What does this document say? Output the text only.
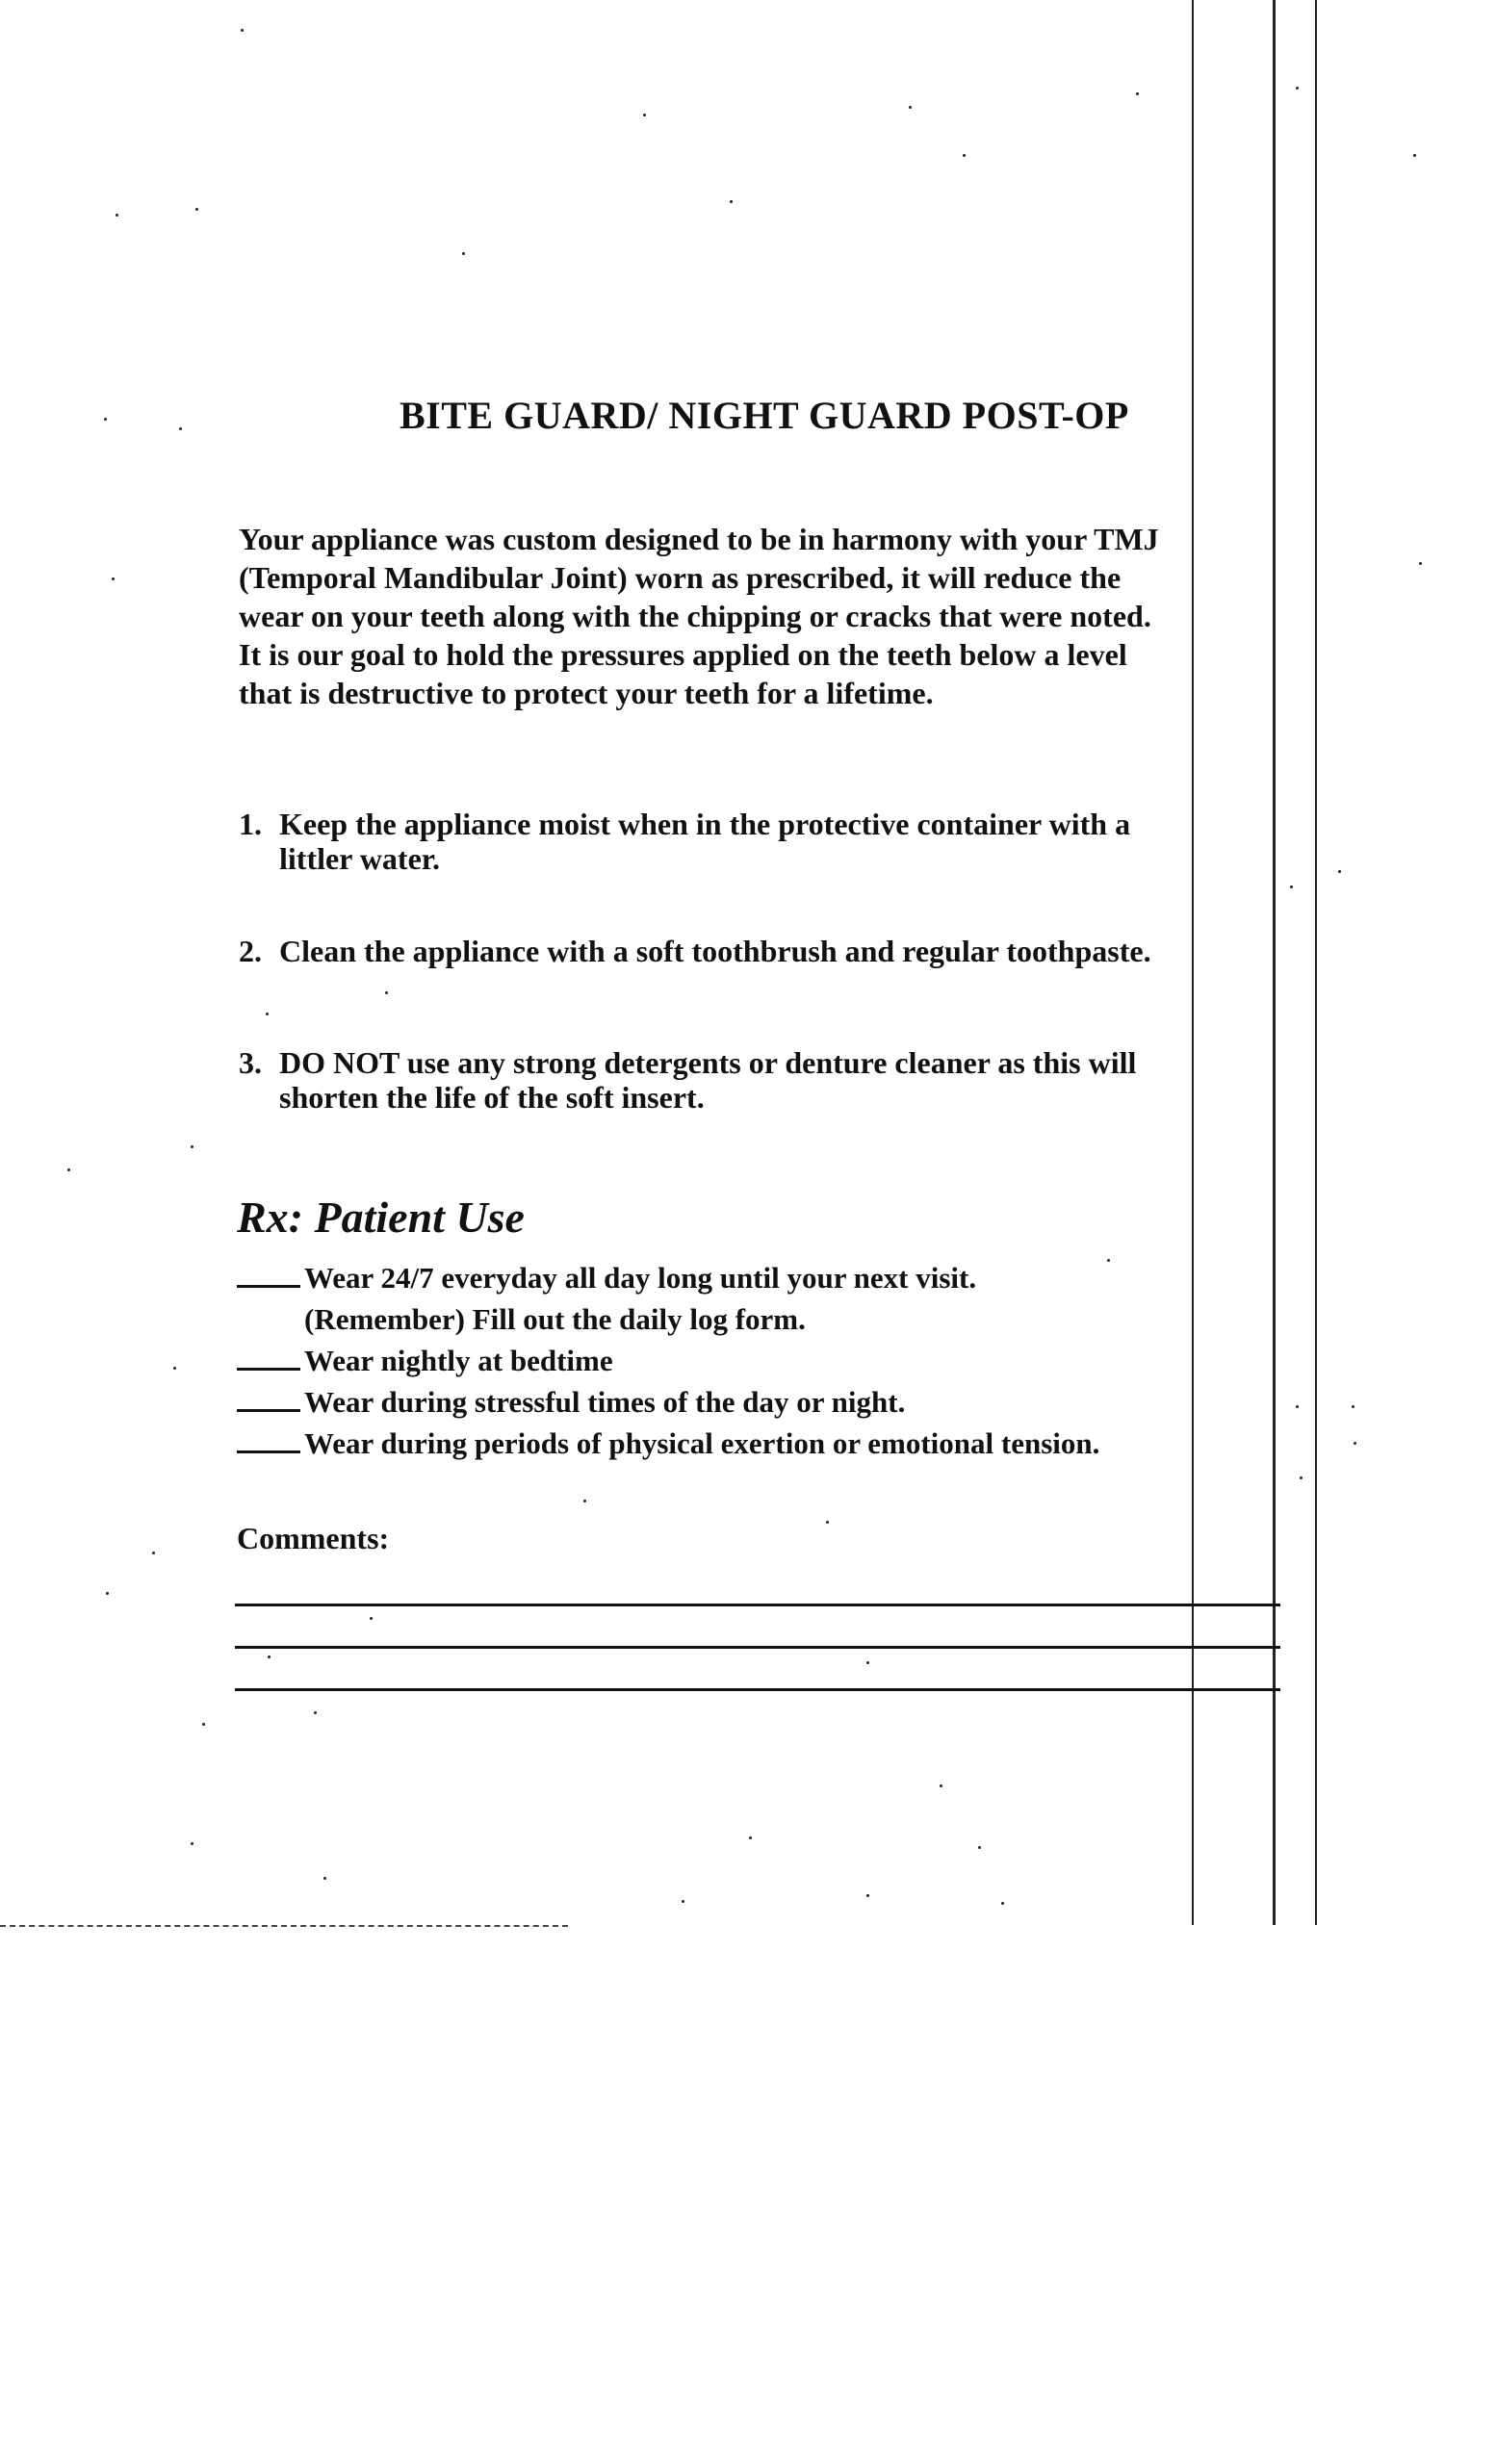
BITE GUARD/ NIGHT GUARD POST-OP
Your appliance was custom designed to be in harmony with your TMJ
(Temporal Mandibular Joint) worn as prescribed, it will reduce the
wear on your teeth along with the chipping or cracks that were noted.
It is our goal to hold the pressures applied on the teeth below a level
that is destructive to protect your teeth for a lifetime.
1. Keep the appliance moist when in the protective container with a
littler water.
2. Clean the appliance with a soft toothbrush and regular toothpaste.
3. DO NOT use any strong detergents or denture cleaner as this will
shorten the life of the soft insert.
Rx: Patient Use
Wear 24/7 everyday all day long until your next visit.
(Remember) Fill out the daily log form.
Wear nightly at bedtime
Wear during stressful times of the day or night.
Wear during periods of physical exertion or emotional tension.
Comments:
